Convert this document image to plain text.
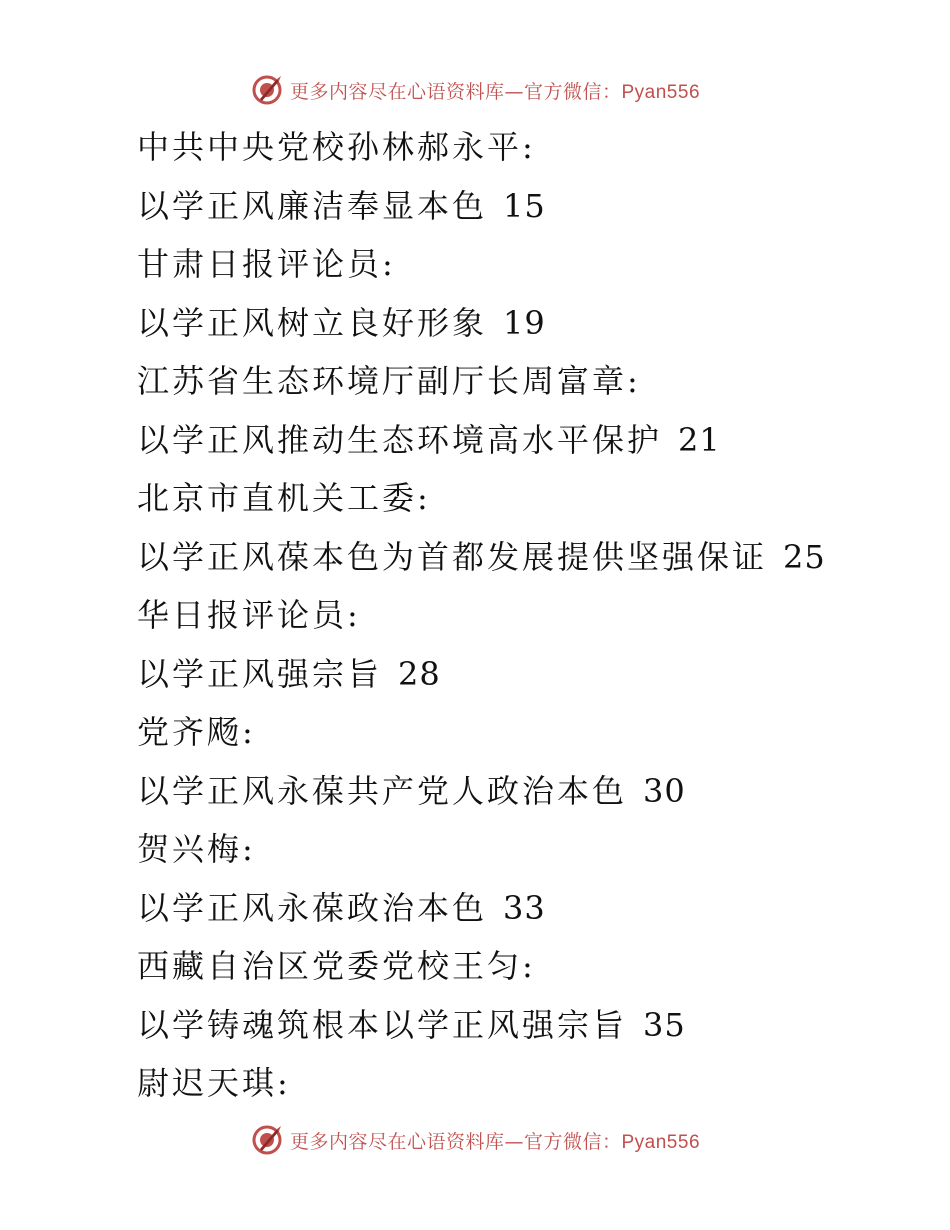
更多内容尽在心语资料库—官方微信：Pyan556
中共中央党校孙林郝永平:
以学正风廉洁奉显本色 15
甘肃日报评论员:
以学正风树立良好形象 19
江苏省生态环境厅副厅长周富章:
以学正风推动生态环境高水平保护 21
北京市直机关工委:
以学正风葆本色为首都发展提供坚强保证 25
华日报评论员:
以学正风强宗旨 28
党齐飏:
以学正风永葆共产党人政治本色 30
贺兴梅:
以学正风永葆政治本色 33
西藏自治区党委党校王匀:
以学铸魂筑根本以学正风强宗旨 35
尉迟天琪:
更多内容尽在心语资料库—官方微信：Pyan556
